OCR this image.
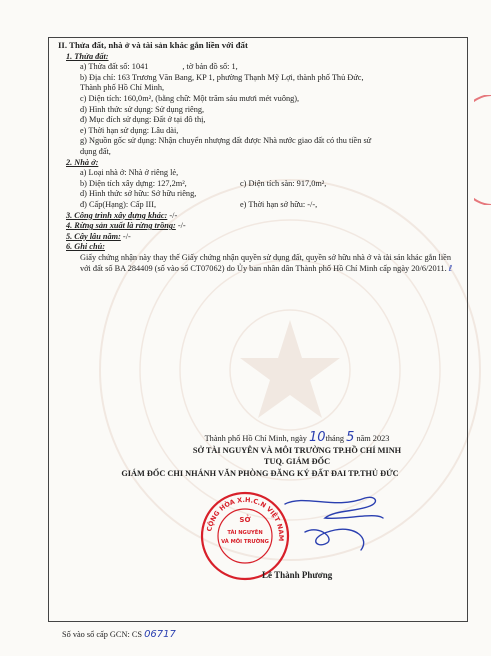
II. Thửa đất, nhà ở và tài sản khác gắn liền với đất
1. Thửa đất:
a) Thửa đất số: 1041	, tờ bản đồ số: 1,
b) Địa chỉ: 163 Trương Văn Bang, KP 1, phường Thạnh Mỹ Lợi, thành phố Thủ Đức,
Thành phố Hồ Chí Minh,
c) Diện tích: 160,0m², (bằng chữ: Một trăm sáu mươi mét vuông),
d) Hình thức sử dụng: Sử dụng riêng,
đ) Mục đích sử dụng: Đất ở tại đô thị,
e) Thời hạn sử dụng: Lâu dài,
g) Nguồn gốc sử dụng: Nhận chuyển nhượng đất được Nhà nước giao đất có thu tiền sử
dụng đất,
2. Nhà ở:
a) Loại nhà ở: Nhà ở riêng lẻ,
b) Diện tích xây dựng: 127,2m²,	c) Diện tích sàn: 917,0m²,
d) Hình thức sở hữu: Sở hữu riêng,
đ) Cấp(Hạng): Cấp III,	e) Thời hạn sở hữu: -/-,
3. Công trình xây dựng khác: -/-
4. Rừng sản xuất là rừng trồng: -/-
5. Cây lâu năm: -/-
6. Ghi chú:
Giấy chứng nhận này thay thế Giấy chứng nhận quyền sử dụng đất, quyền sở hữu nhà ở và tài sản khác gắn liền với đất số BA 284409 (số vào sổ CT07062) do Ủy ban nhân dân Thành phố Hồ Chí Minh cấp ngày 20/6/2011. ℓ
Thành phố Hồ Chí Minh, ngày 10tháng 5 năm 2023
SỞ TÀI NGUYÊN VÀ MÔI TRƯỜNG TP.HỒ CHÍ MINH
TUQ. GIÁM ĐỐC
GIÁM ĐỐC CHI NHÁNH VĂN PHÒNG ĐĂNG KÝ ĐẤT ĐAI TP.THỦ ĐỨC
CỘNG HÒA X.H.C.N VIỆT NAM
SỞ
TÀI NGUYÊN
VÀ MÔI TRƯỜNG
Lê Thành Phương
Số vào sổ cấp GCN: CS 06717
